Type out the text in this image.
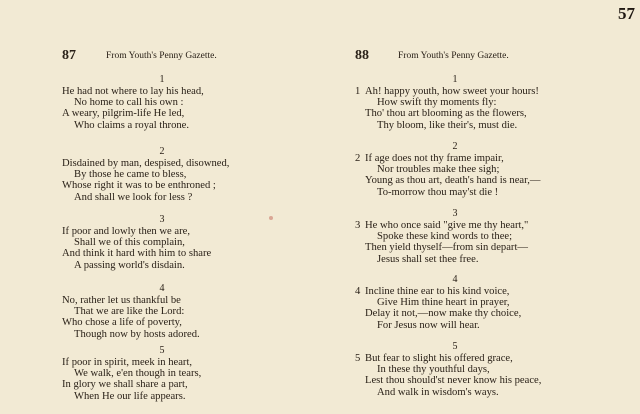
57
87	From Youth's Penny Gazette.
1
He had not where to lay his head,
No home to call his own :
A weary, pilgrim-life He led,
Who claims a royal throne.
2
Disdained by man, despised, disowned,
By those he came to bless,
Whose right it was to be enthroned ;
And shall we look for less ?
3
If poor and lowly then we are,
Shall we of this complain,
And think it hard with him to share
A passing world's disdain.
4
No, rather let us thankful be
That we are like the Lord:
Who chose a life of poverty,
Though now by hosts adored.
5
If poor in spirit, meek in heart,
We walk, e'en though in tears,
In glory we shall share a part,
When He our life appears.
88	From Youth's Penny Gazette.
1
1 Ah! happy youth, how sweet your hours!
How swift thy moments fly:
Tho' thou art blooming as the flowers,
Thy bloom, like their's, must die.
2
2 If age does not thy frame impair,
Nor troubles make thee sigh;
Young as thou art, death's hand is near,—
To-morrow thou may'st die !
3
3 He who once said "give me thy heart,"
Spoke these kind words to thee;
Then yield thyself—from sin depart—
Jesus shall set thee free.
4
4 Incline thine ear to his kind voice,
Give Him thine heart in prayer,
Delay it not,—now make thy choice,
For Jesus now will hear.
5
5 But fear to slight his offered grace,
In these thy youthful days,
Lest thou should'st never know his peace,
And walk in wisdom's ways.
